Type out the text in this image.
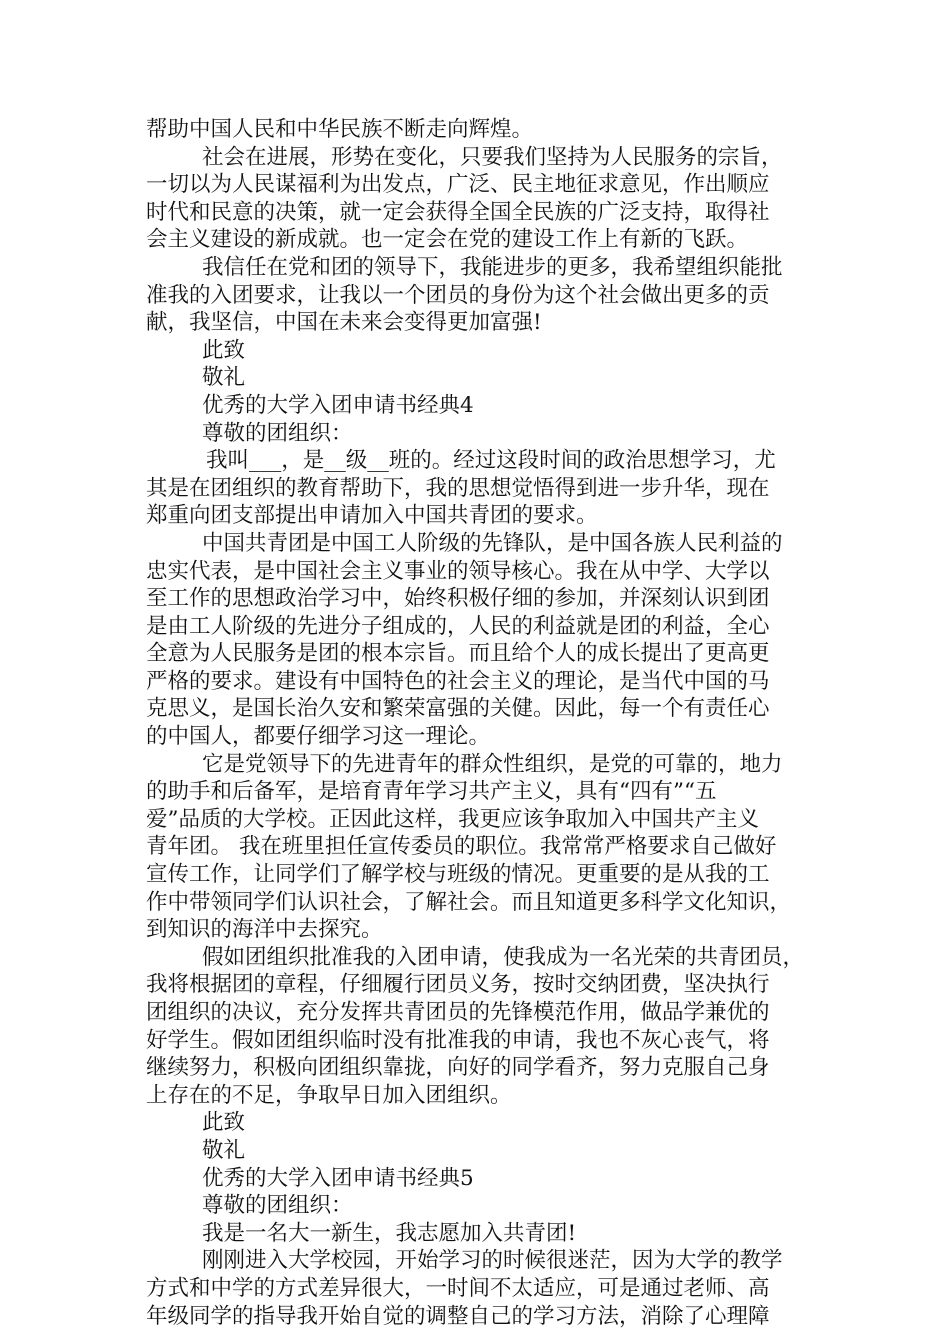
帮助中国人民和中华民族不断走向辉煌。
社会在进展，形势在变化，只要我们坚持为人民服务的宗旨，
一切以为人民谋福利为出发点，广泛、民主地征求意见，作出顺应
时代和民意的决策，就一定会获得全国全民族的广泛支持，取得社
会主义建设的新成就。也一定会在党的建设工作上有新的飞跃。
我信任在党和团的领导下，我能进步的更多，我希望组织能批
准我的入团要求，让我以一个团员的身份为这个社会做出更多的贡
献，我坚信，中国在未来会变得更加富强!
此致
敬礼
优秀的大学入团申请书经典4
尊敬的团组织：
我叫___，是__级__班的。经过这段时间的政治思想学习，尤
其是在团组织的教育帮助下，我的思想觉悟得到进一步升华，现在
郑重向团支部提出申请加入中国共青团的要求。
中国共青团是中国工人阶级的先锋队，是中国各族人民利益的
忠实代表，是中国社会主义事业的领导核心。我在从中学、大学以
至工作的思想政治学习中，始终积极仔细的参加，并深刻认识到团
是由工人阶级的先进分子组成的，人民的利益就是团的利益，全心
全意为人民服务是团的根本宗旨。而且给个人的成长提出了更高更
严格的要求。建设有中国特色的社会主义的理论，是当代中国的马
克思义，是国长治久安和繁荣富强的关健。因此，每一个有责任心
的中国人，都要仔细学习这一理论。
它是党领导下的先进青年的群众性组织，是党的可靠的，地力
的助手和后备军，是培育青年学习共产主义，具有“四有”“五
爱”品质的大学校。正因此这样，我更应该争取加入中国共产主义
青年团。 我在班里担任宣传委员的职位。我常常严格要求自己做好
宣传工作，让同学们了解学校与班级的情况。更重要的是从我的工
作中带领同学们认识社会，了解社会。而且知道更多科学文化知识，
到知识的海洋中去探究。
假如团组织批准我的入团申请，使我成为一名光荣的共青团员，
我将根据团的章程，仔细履行团员义务，按时交纳团费，坚决执行
团组织的决议，充分发挥共青团员的先锋模范作用，做品学兼优的
好学生。假如团组织临时没有批准我的申请，我也不灰心丧气，将
继续努力，积极向团组织靠拢，向好的同学看齐，努力克服自己身
上存在的不足，争取早日加入团组织。
此致
敬礼
优秀的大学入团申请书经典5
尊敬的团组织：
我是一名大一新生，我志愿加入共青团!
刚刚进入大学校园，开始学习的时候很迷茫，因为大学的教学
方式和中学的方式差异很大，一时间不太适应，可是通过老师、高
年级同学的指导我开始自觉的调整自己的学习方法，消除了心理障
